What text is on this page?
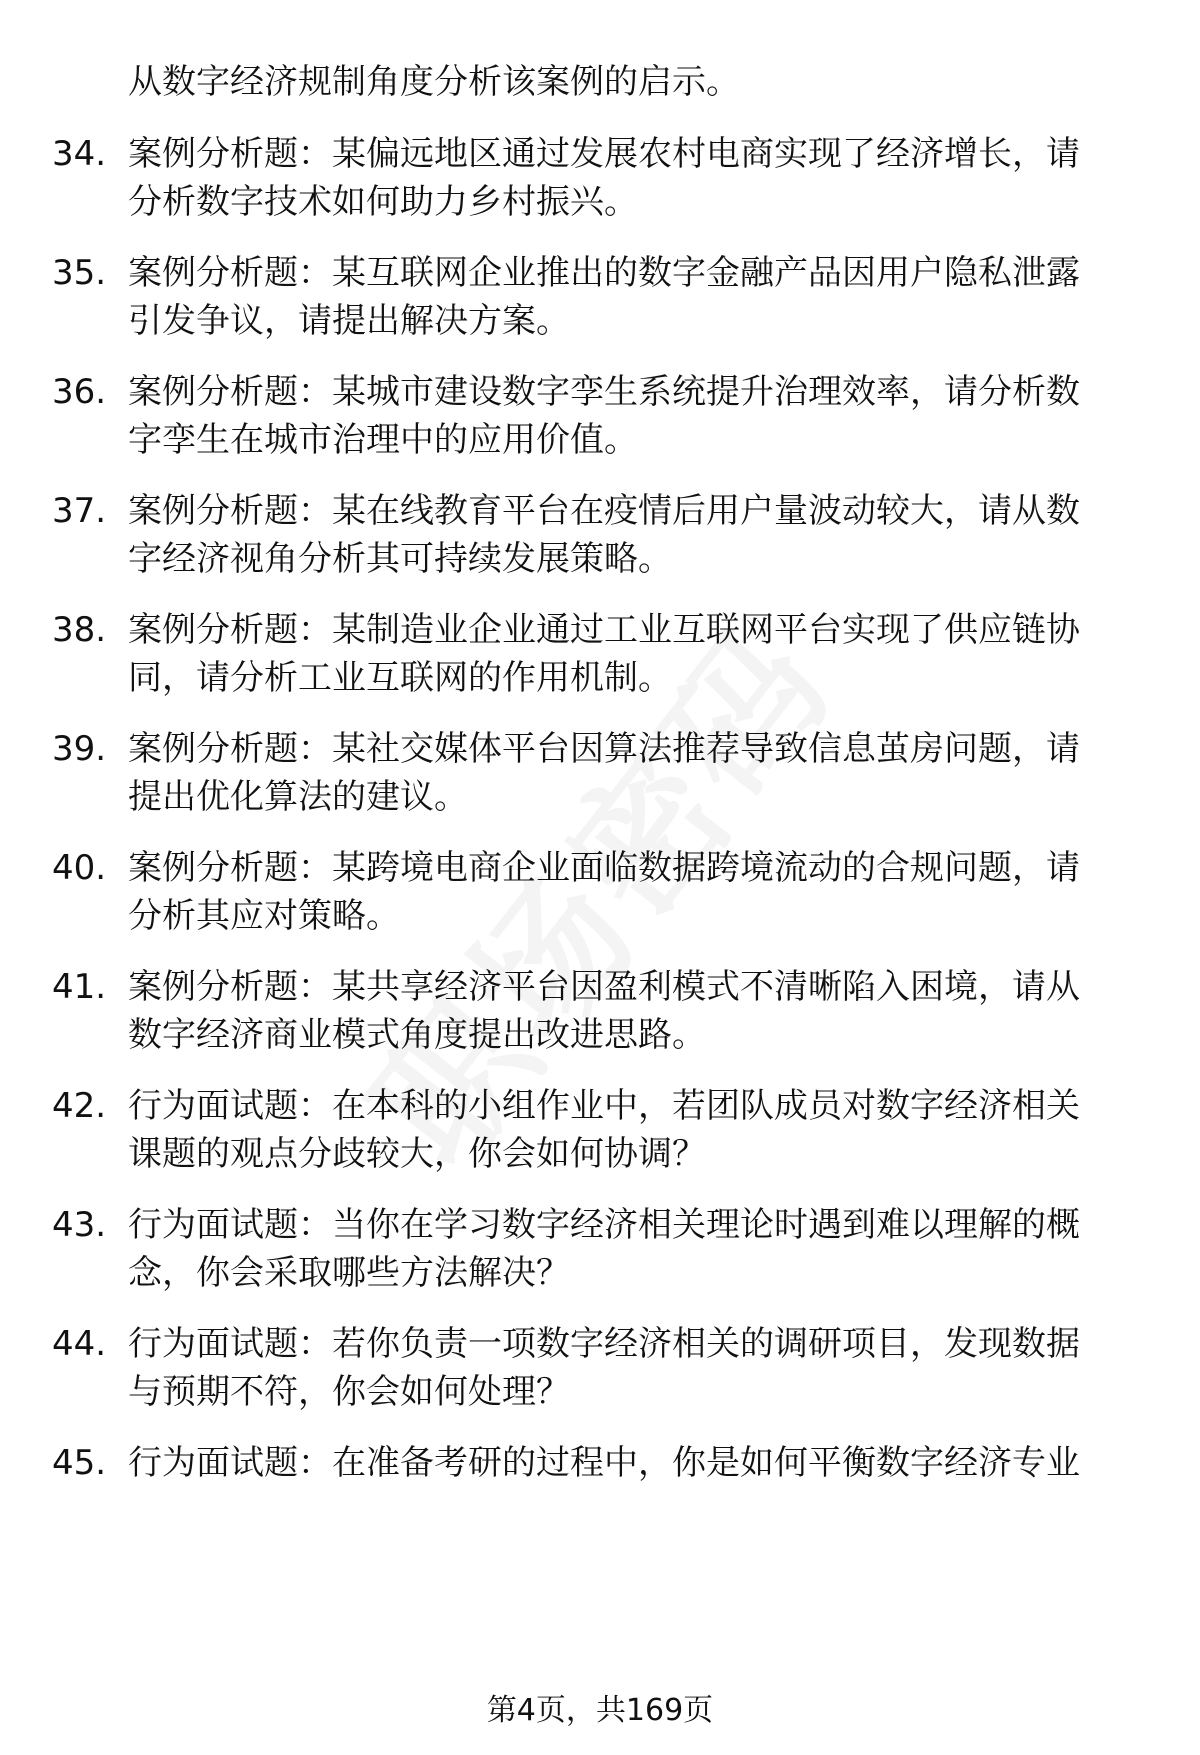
从数字经济规制角度分析该案例的启示。
34. 案例分析题：某偏远地区通过发展农村电商实现了经济增长，请
分析数字技术如何助力乡村振兴。
35. 案例分析题：某互联网企业推出的数字金融产品因用户隐私泄露
引发争议，请提出解决方案。
36. 案例分析题：某城市建设数字孪生系统提升治理效率，请分析数
字孪生在城市治理中的应用价值。
37. 案例分析题：某在线教育平台在疫情后用户量波动较大，请从数
字经济视角分析其可持续发展策略。
38. 案例分析题：某制造业企业通过工业互联网平台实现了供应链协
同，请分析工业互联网的作用机制。
39. 案例分析题：某社交媒体平台因算法推荐导致信息茧房问题，请
提出优化算法的建议。
40. 案例分析题：某跨境电商企业面临数据跨境流动的合规问题，请
分析其应对策略。
41. 案例分析题：某共享经济平台因盈利模式不清晰陷入困境，请从
数字经济商业模式角度提出改进思路。
42. 行为面试题：在本科的小组作业中，若团队成员对数字经济相关
课题的观点分歧较大，你会如何协调？
43. 行为面试题：当你在学习数字经济相关理论时遇到难以理解的概
念，你会采取哪些方法解决？
44. 行为面试题：若你负责一项数字经济相关的调研项目，发现数据
与预期不符，你会如何处理？
45. 行为面试题：在准备考研的过程中，你是如何平衡数字经济专业
第4页，共169页
